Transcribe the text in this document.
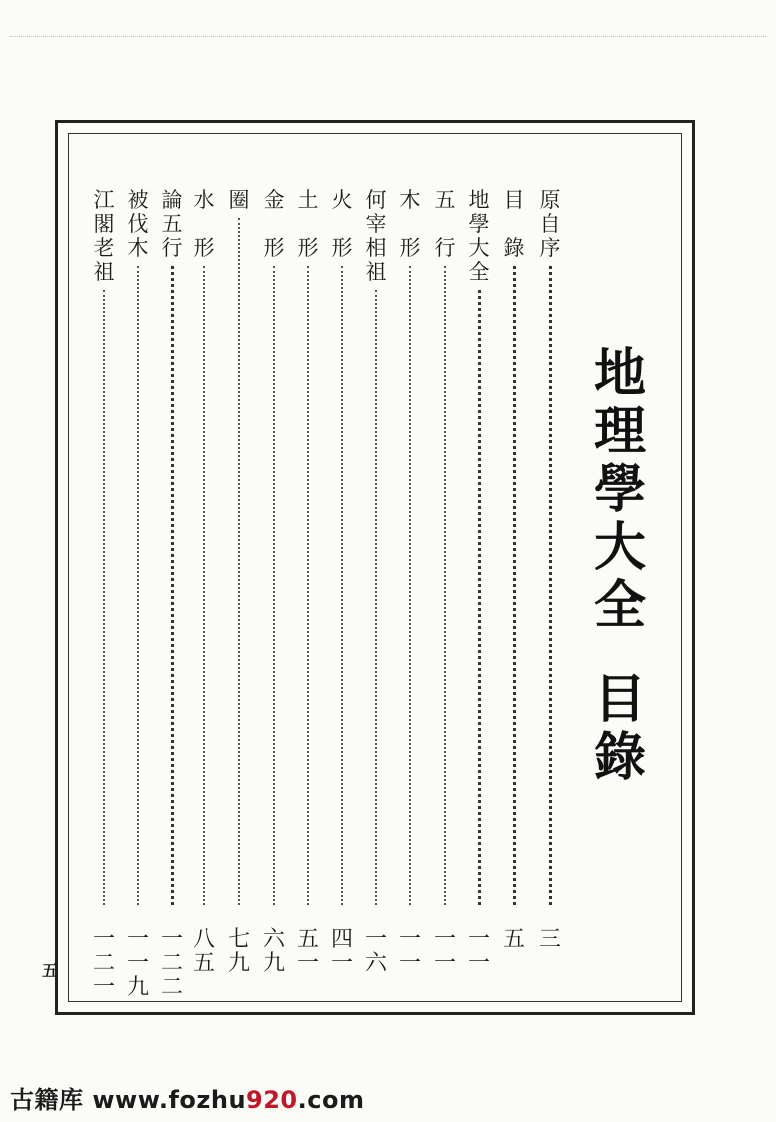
地
理
學
大
全
目
錄
原
自
序
三
目

錄
五
地
學
大
全
一
一
五

行
一
一
木

形
一
一
何
宰
相
祖
一
六
火

形
四
一
土

形
五
一
金

形
六
九
圈
七
九
水

形
八
五
論
五
行
一
二
二
被
伐
木
一
一
九
江
閣
老
祖
一
二
一
五
古籍库 www.fozhu920.com
